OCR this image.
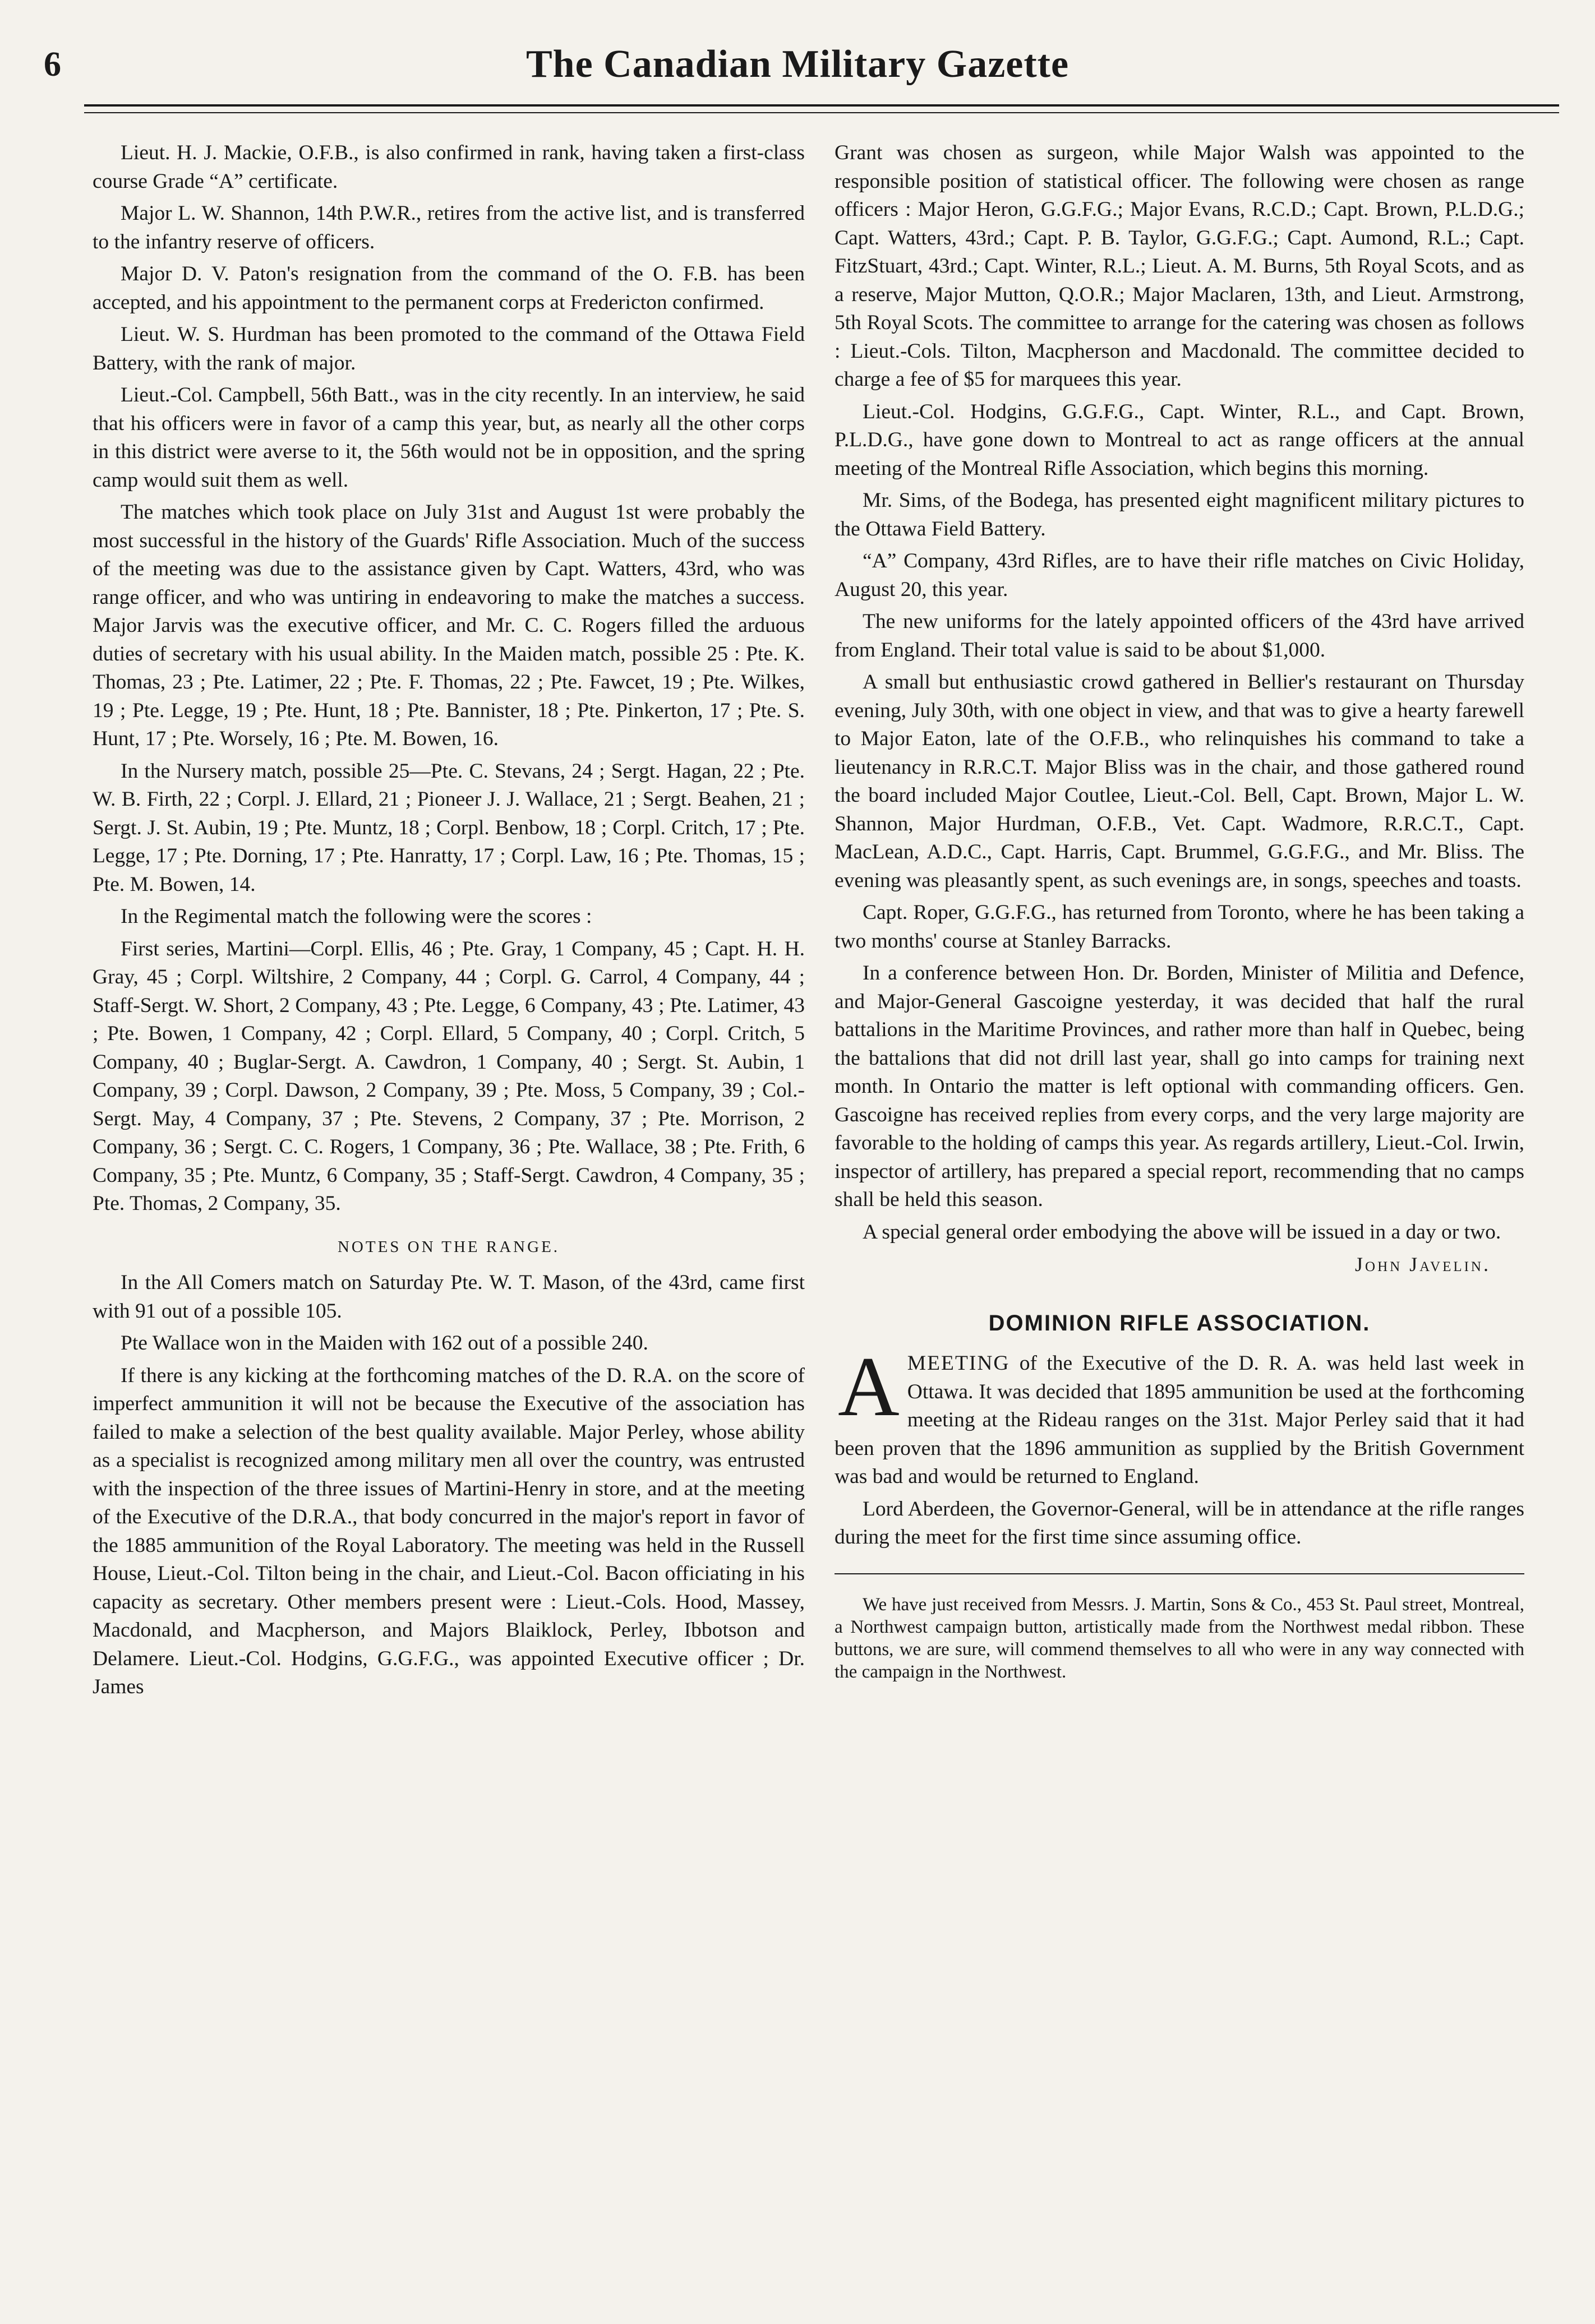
6	The Canadian Military Gazette

Lieut. H. J. Mackie, O.F.B., is also confirmed in rank, having taken a first-class course Grade “A” certificate.

Major L. W. Shannon, 14th P.W.R., retires from the active list, and is transferred to the infantry reserve of officers.

Major D. V. Paton's resignation from the command of the O. F.B. has been accepted, and his appointment to the permanent corps at Fredericton confirmed.

Lieut. W. S. Hurdman has been promoted to the command of the Ottawa Field Battery, with the rank of major.

Lieut.-Col. Campbell, 56th Batt., was in the city recently. In an interview, he said that his officers were in favor of a camp this year, but, as nearly all the other corps in this district were averse to it, the 56th would not be in opposition, and the spring camp would suit them as well.

The matches which took place on July 31st and August 1st were probably the most successful in the history of the Guards' Rifle Association. Much of the success of the meeting was due to the assistance given by Capt. Watters, 43rd, who was range officer, and who was untiring in endeavoring to make the matches a success. Major Jarvis was the executive officer, and Mr. C. C. Rogers filled the arduous duties of secretary with his usual ability. In the Maiden match, possible 25 : Pte. K. Thomas, 23 ; Pte. Latimer, 22 ; Pte. F. Thomas, 22 ; Pte. Fawcet, 19 ; Pte. Wilkes, 19 ; Pte. Legge, 19 ; Pte. Hunt, 18 ; Pte. Bannister, 18 ; Pte. Pinkerton, 17 ; Pte. S. Hunt, 17 ; Pte. Worsely, 16 ; Pte. M. Bowen, 16.

In the Nursery match, possible 25—Pte. C. Stevans, 24 ; Sergt. Hagan, 22 ; Pte. W. B. Firth, 22 ; Corpl. J. Ellard, 21 ; Pioneer J. J. Wallace, 21 ; Sergt. Beahen, 21 ; Sergt. J. St. Aubin, 19 ; Pte. Muntz, 18 ; Corpl. Benbow, 18 ; Corpl. Critch, 17 ; Pte. Legge, 17 ; Pte. Dorning, 17 ; Pte. Hanratty, 17 ; Corpl. Law, 16 ; Pte. Thomas, 15 ; Pte. M. Bowen, 14.

In the Regimental match the following were the scores :

First series, Martini—Corpl. Ellis, 46 ; Pte. Gray, 1 Company, 45 ; Capt. H. H. Gray, 45 ; Corpl. Wiltshire, 2 Company, 44 ; Corpl. G. Carrol, 4 Company, 44 ; Staff-Sergt. W. Short, 2 Company, 43 ; Pte. Legge, 6 Company, 43 ; Pte. Latimer, 43 ; Pte. Bowen, 1 Company, 42 ; Corpl. Ellard, 5 Company, 40 ; Corpl. Critch, 5 Company, 40 ; Buglar-Sergt. A. Cawdron, 1 Company, 40 ; Sergt. St. Aubin, 1 Company, 39 ; Corpl. Dawson, 2 Company, 39 ; Pte. Moss, 5 Company, 39 ; Col.-Sergt. May, 4 Company, 37 ; Pte. Stevens, 2 Company, 37 ; Pte. Morrison, 2 Company, 36 ; Sergt. C. C. Rogers, 1 Company, 36 ; Pte. Wallace, 38 ; Pte. Frith, 6 Company, 35 ; Pte. Muntz, 6 Company, 35 ; Staff-Sergt. Cawdron, 4 Company, 35 ; Pte. Thomas, 2 Company, 35.

NOTES ON THE RANGE.

In the All Comers match on Saturday Pte. W. T. Mason, of the 43rd, came first with 91 out of a possible 105.

Pte Wallace won in the Maiden with 162 out of a possible 240.

If there is any kicking at the forthcoming matches of the D. R.A. on the score of imperfect ammunition it will not be because the Executive of the association has failed to make a selection of the best quality available. Major Perley, whose ability as a specialist is recognized among military men all over the country, was entrusted with the inspection of the three issues of Martini-Henry in store, and at the meeting of the Executive of the D.R.A., that body concurred in the major's report in favor of the 1885 ammunition of the Royal Laboratory. The meeting was held in the Russell House, Lieut.-Col. Tilton being in the chair, and Lieut.-Col. Bacon officiating in his capacity as secretary. Other members present were : Lieut.-Cols. Hood, Massey, Macdonald, and Macpherson, and Majors Blaiklock, Perley, Ibbotson and Delamere. Lieut.-Col. Hodgins, G.G.F.G., was appointed Executive officer ; Dr. James

Grant was chosen as surgeon, while Major Walsh was appointed to the responsible position of statistical officer. The following were chosen as range officers : Major Heron, G.G.F.G.; Major Evans, R.C.D.; Capt. Brown, P.L.D.G.; Capt. Watters, 43rd.; Capt. P. B. Taylor, G.G.F.G.; Capt. Aumond, R.L.; Capt. FitzStuart, 43rd.; Capt. Winter, R.L.; Lieut. A. M. Burns, 5th Royal Scots, and as a reserve, Major Mutton, Q.O.R.; Major Maclaren, 13th, and Lieut. Armstrong, 5th Royal Scots. The committee to arrange for the catering was chosen as follows : Lieut.-Cols. Tilton, Macpherson and Macdonald. The committee decided to charge a fee of $5 for marquees this year.

Lieut.-Col. Hodgins, G.G.F.G., Capt. Winter, R.L., and Capt. Brown, P.L.D.G., have gone down to Montreal to act as range officers at the annual meeting of the Montreal Rifle Association, which begins this morning.

Mr. Sims, of the Bodega, has presented eight magnificent military pictures to the Ottawa Field Battery.

“A” Company, 43rd Rifles, are to have their rifle matches on Civic Holiday, August 20, this year.

The new uniforms for the lately appointed officers of the 43rd have arrived from England. Their total value is said to be about $1,000.

A small but enthusiastic crowd gathered in Bellier's restaurant on Thursday evening, July 30th, with one object in view, and that was to give a hearty farewell to Major Eaton, late of the O.F.B., who relinquishes his command to take a lieutenancy in R.R.C.T. Major Bliss was in the chair, and those gathered round the board included Major Coutlee, Lieut.-Col. Bell, Capt. Brown, Major L. W. Shannon, Major Hurdman, O.F.B., Vet. Capt. Wadmore, R.R.C.T., Capt. MacLean, A.D.C., Capt. Harris, Capt. Brummel, G.G.F.G., and Mr. Bliss. The evening was pleasantly spent, as such evenings are, in songs, speeches and toasts.

Capt. Roper, G.G.F.G., has returned from Toronto, where he has been taking a two months' course at Stanley Barracks.

In a conference between Hon. Dr. Borden, Minister of Militia and Defence, and Major-General Gascoigne yesterday, it was decided that half the rural battalions in the Maritime Provinces, and rather more than half in Quebec, being the battalions that did not drill last year, shall go into camps for training next month. In Ontario the matter is left optional with commanding officers. Gen. Gascoigne has received replies from every corps, and the very large majority are favorable to the holding of camps this year. As regards artillery, Lieut.-Col. Irwin, inspector of artillery, has prepared a special report, recommending that no camps shall be held this season.

A special general order embodying the above will be issued in a day or two.

John Javelin.
DOMINION RIFLE ASSOCIATION.

AMEETING of the Executive of the D. R. A. was held last week in Ottawa. It was decided that 1895 ammunition be used at the forthcoming meeting at the Rideau ranges on the 31st. Major Perley said that it had been proven that the 1896 ammunition as supplied by the British Government was bad and would be returned to England.

Lord Aberdeen, the Governor-General, will be in attendance at the rifle ranges during the meet for the first time since assuming office.

We have just received from Messrs. J. Martin, Sons & Co., 453 St. Paul street, Montreal, a Northwest campaign button, artistically made from the Northwest medal ribbon. These buttons, we are sure, will commend themselves to all who were in any way connected with the campaign in the Northwest.
